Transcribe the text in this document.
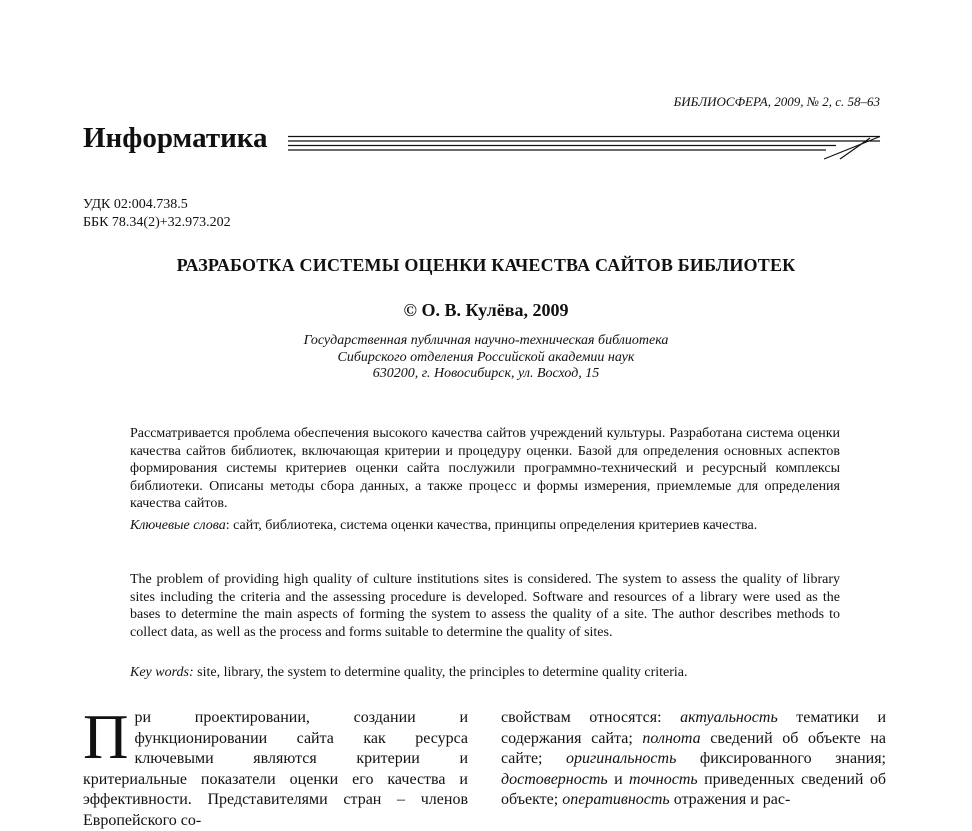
БИБЛИОСФЕРА, 2009, № 2, с. 58–63
Информатика
УДК 02:004.738.5
ББК 78.34(2)+32.973.202
РАЗРАБОТКА СИСТЕМЫ ОЦЕНКИ КАЧЕСТВА САЙТОВ БИБЛИОТЕК
© О. В. Кулёва, 2009
Государственная публичная научно-техническая библиотека
Сибирского отделения Российской академии наук
630200, г. Новосибирск, ул. Восход, 15

Рассматривается проблема обеспечения высокого качества сайтов учреждений культуры. Разработана система оценки качества сайтов библиотек, включающая критерии и процедуру оценки. Базой для определения основных аспектов формирования системы критериев оценки сайта послужили программно-технический и ресурсный комплексы библиотеки. Описаны методы сбора данных, а также процесс и формы измерения, приемлемые для определения качества сайтов.

Ключевые слова: сайт, библиотека, система оценки качества, принципы определения критериев качества.

The problem of providing high quality of culture institutions sites is considered. The system to assess the quality of library sites including the criteria and the assessing procedure is developed. Software and resources of a library were used as the bases to determine the main aspects of forming the system to assess the quality of a site. The author describes methods to collect data, as well as the process and forms suitable to determine the quality of sites.

Key words: site, library, the system to determine quality, the principles to determine quality criteria.

При проектировании, создании и функционировании сайта как ресурса ключевыми являются критерии и критериальные показатели оценки его качества и эффективности. Представителями стран – членов Европейского со-

свойствам относятся: актуальность тематики и содержания сайта; полнота сведений об объекте на сайте; оригинальность фиксированного знания; достоверность и точность приведенных сведений об объекте; оперативность отражения и рас-
